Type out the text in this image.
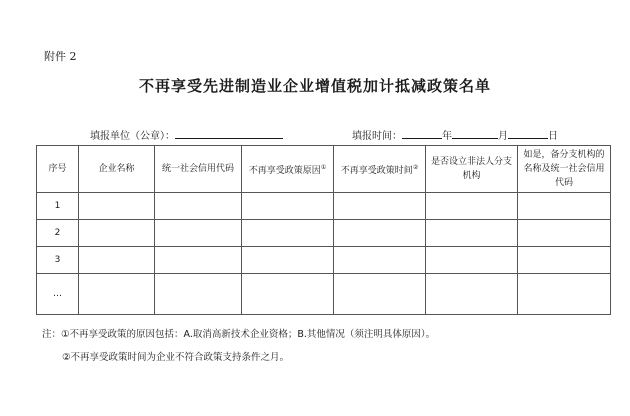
附件 2
不再享受先进制造业企业增值税加计抵减政策名单
填报单位（公章）：	填报时间：	年	月	日
序号	企业名称	统一社会信用代码	不再享受政策原因①	不再享受政策时间②	是否设立非法人分支机构	如是，备分支机构的名称及统一社会信用代码
1						
2						
3						
…						
注：①不再享受政策的原因包括：A.取消高新技术企业资格；B.其他情况（须注明具体原因）。
②不再享受政策时间为企业不符合政策支持条件之月。
